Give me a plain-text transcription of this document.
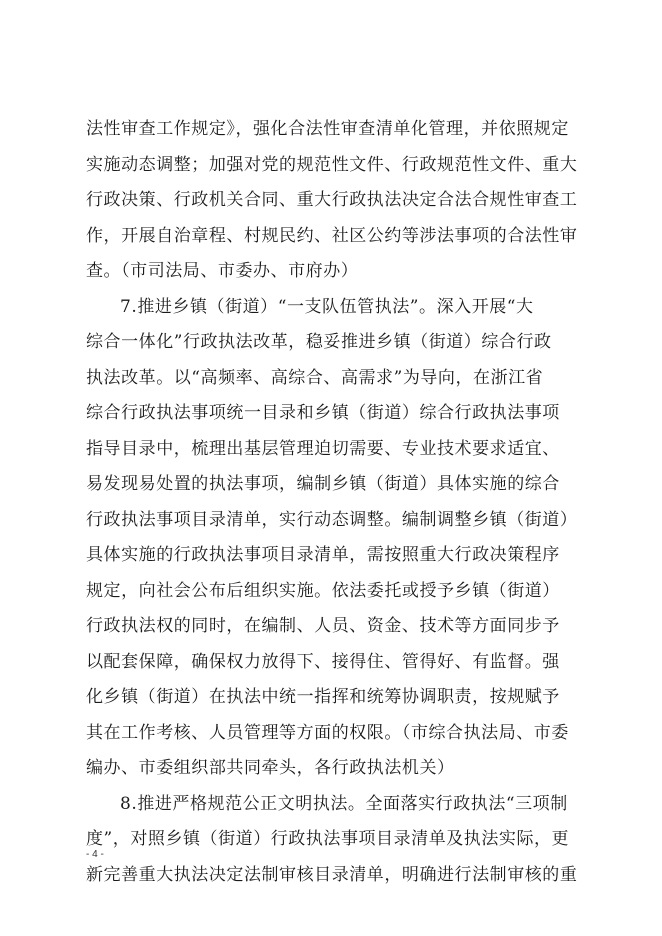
法性审查工作规定》，强化合法性审查清单化管理，并依照规定
实施动态调整；加强对党的规范性文件、行政规范性文件、重大
行政决策、行政机关合同、重大行政执法决定合法合规性审查工
作，开展自治章程、村规民约、社区公约等涉法事项的合法性审
查。（市司法局、市委办、市府办）
7.推进乡镇（街道）“一支队伍管执法”。深入开展“大
综合一体化”行政执法改革，稳妥推进乡镇（街道）综合行政
执法改革。以“高频率、高综合、高需求”为导向，在浙江省
综合行政执法事项统一目录和乡镇（街道）综合行政执法事项
指导目录中，梳理出基层管理迫切需要、专业技术要求适宜、
易发现易处置的执法事项，编制乡镇（街道）具体实施的综合
行政执法事项目录清单，实行动态调整。编制调整乡镇（街道）
具体实施的行政执法事项目录清单，需按照重大行政决策程序
规定，向社会公布后组织实施。依法委托或授予乡镇（街道）
行政执法权的同时，在编制、人员、资金、技术等方面同步予
以配套保障，确保权力放得下、接得住、管得好、有监督。强
化乡镇（街道）在执法中统一指挥和统筹协调职责，按规赋予
其在工作考核、人员管理等方面的权限。（市综合执法局、市委
编办、市委组织部共同牵头，各行政执法机关）
8.推进严格规范公正文明执法。全面落实行政执法“三项制
度”，对照乡镇（街道）行政执法事项目录清单及执法实际，更
新完善重大执法决定法制审核目录清单，明确进行法制审核的重
- 4 -
